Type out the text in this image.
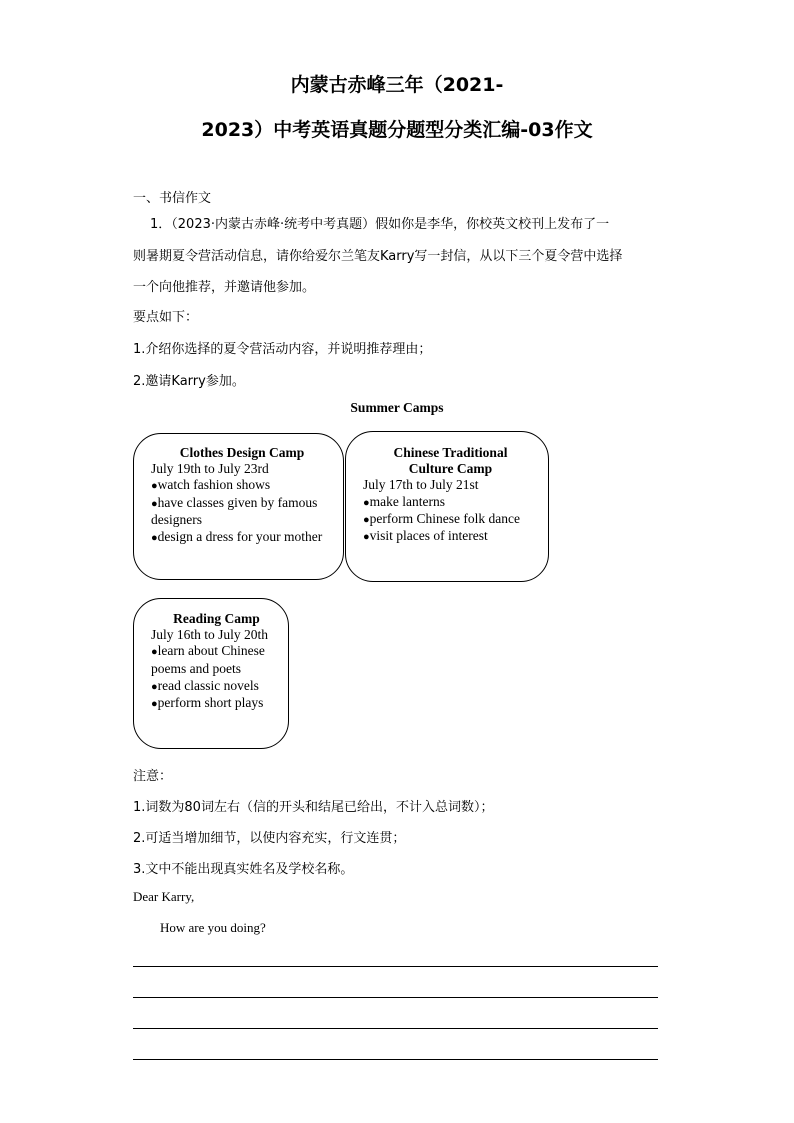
内蒙古赤峰三年（2021-
2023）中考英语真题分题型分类汇编-03作文
一、书信作文
1．（2023·内蒙古赤峰·统考中考真题）假如你是李华，你校英文校刊上发布了一
则暑期夏令营活动信息，请你给爱尔兰笔友Karry写一封信，从以下三个夏令营中选择
一个向他推荐，并邀请他参加。
要点如下：
1.介绍你选择的夏令营活动内容，并说明推荐理由；
2.邀请Karry参加。
Summer Camps
Clothes Design Camp
July 19th to July 23rd
● watch fashion shows
● have classes given by famous
designers
● design a dress for your mother
Chinese Traditional
Culture Camp
July 17th to July 21st
● make lanterns
● perform Chinese folk dance
● visit places of interest
Reading Camp
July 16th to July 20th
● learn about Chinese
poems and poets
● read classic novels
● perform short plays
注意：
1.词数为80词左右（信的开头和结尾已给出，不计入总词数）；
2.可适当增加细节，以使内容充实，行文连贯；
3.文中不能出现真实姓名及学校名称。
Dear Karry,
How are you doing?
